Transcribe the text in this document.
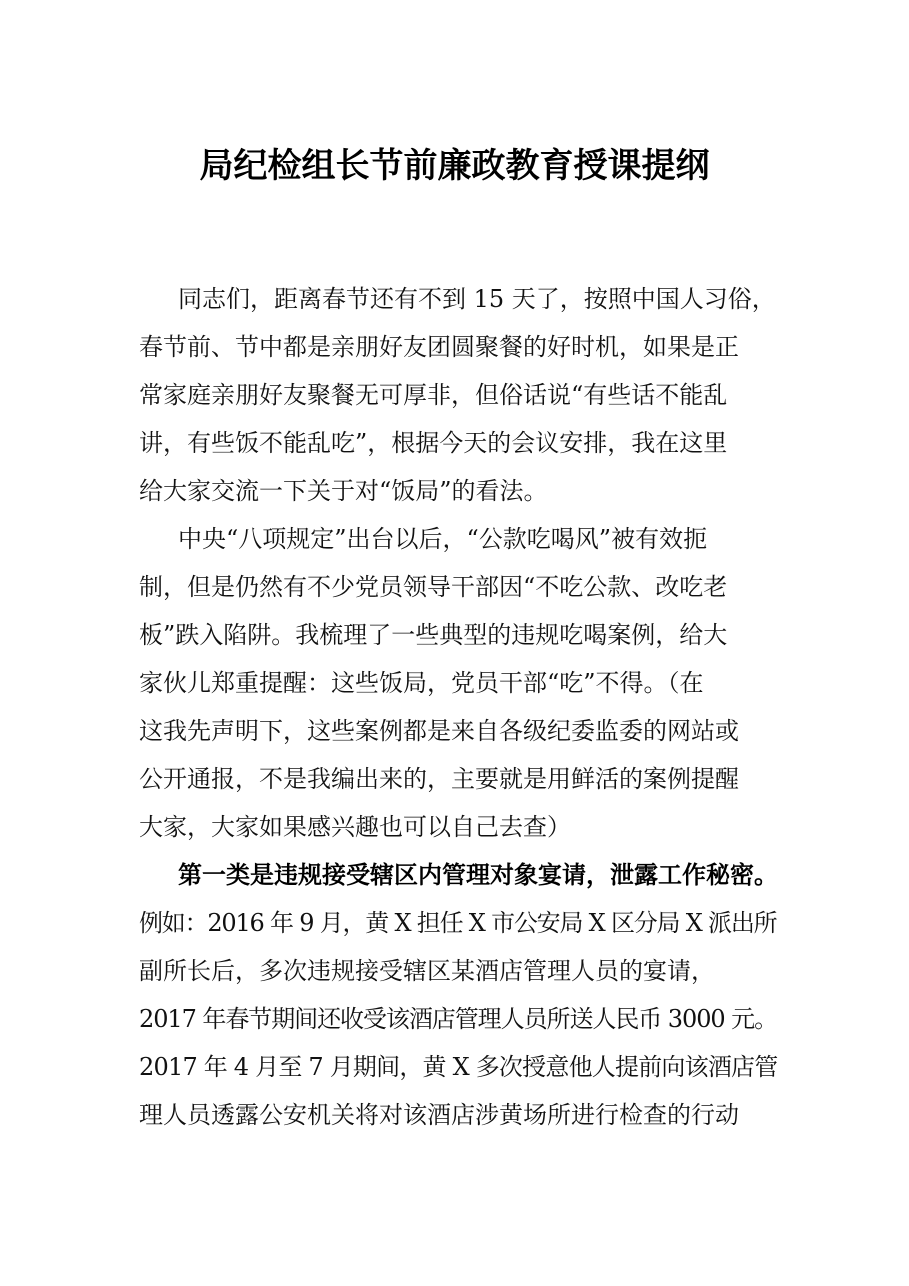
局纪检组长节前廉政教育授课提纲
同志们，距离春节还有不到 15 天了，按照中国人习俗，
春节前、节中都是亲朋好友团圆聚餐的好时机，如果是正
常家庭亲朋好友聚餐无可厚非，但俗话说“有些话不能乱
讲，有些饭不能乱吃”，根据今天的会议安排，我在这里
给大家交流一下关于对“饭局”的看法。
中央“八项规定”出台以后，“公款吃喝风”被有效扼
制，但是仍然有不少党员领导干部因“不吃公款、改吃老
板”跌入陷阱。我梳理了一些典型的违规吃喝案例，给大
家伙儿郑重提醒：这些饭局，党员干部“吃”不得。（在
这我先声明下，这些案例都是来自各级纪委监委的网站或
公开通报，不是我编出来的，主要就是用鲜活的案例提醒
大家，大家如果感兴趣也可以自己去查）
第一类是违规接受辖区内管理对象宴请，泄露工作秘密。
例如：2016 年 9 月，黄 X 担任 X 市公安局 X 区分局 X 派出所
副所长后，多次违规接受辖区某酒店管理人员的宴请，
2017 年春节期间还收受该酒店管理人员所送人民币 3000 元。
2017 年 4 月至 7 月期间，黄 X 多次授意他人提前向该酒店管
理人员透露公安机关将对该酒店涉黄场所进行检查的行动
